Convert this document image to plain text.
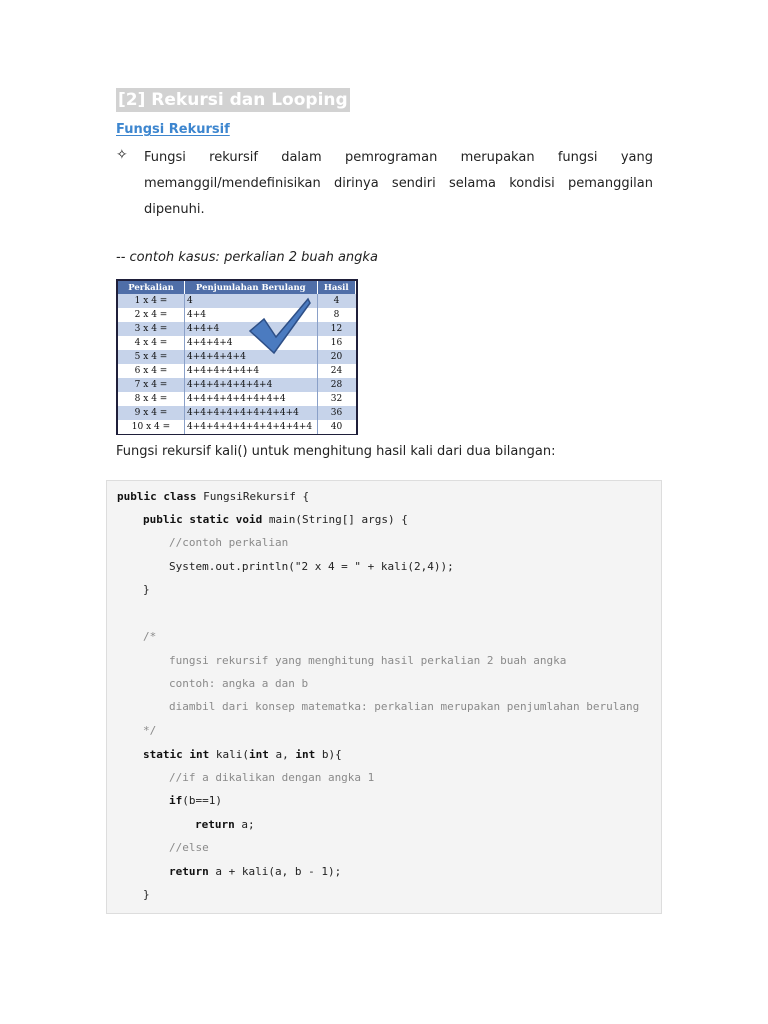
[2] Rekursi dan Looping
Fungsi Rekursif
✧ Fungsi rekursif dalam pemrograman merupakan fungsi yang memanggil/mendefinisikan dirinya sendiri selama kondisi pemanggilan dipenuhi.
-- contoh kasus: perkalian 2 buah angka
Perkalian	Penjumlahan Berulang	Hasil
1 x 4 =	4	4
2 x 4 =	4+4	8
3 x 4 =	4+4+4	12
4 x 4 =	4+4+4+4	16
5 x 4 =	4+4+4+4+4	20
6 x 4 =	4+4+4+4+4+4	24
7 x 4 =	4+4+4+4+4+4+4	28
8 x 4 =	4+4+4+4+4+4+4+4	32
9 x 4 =	4+4+4+4+4+4+4+4+4	36
10 x 4 =	4+4+4+4+4+4+4+4+4+4	40
Fungsi rekursif kali() untuk menghitung hasil kali dari dua bilangan:
public class FungsiRekursif {
public static void main(String[] args) {
//contoh perkalian
System.out.println("2 x 4 = " + kali(2,4));
}
/*
fungsi rekursif yang menghitung hasil perkalian 2 buah angka
contoh: angka a dan b
diambil dari konsep matematka: perkalian merupakan penjumlahan berulang
*/
static int kali(int a, int b){
//if a dikalikan dengan angka 1
if(b==1)
return a;
//else
return a + kali(a, b - 1);
}
